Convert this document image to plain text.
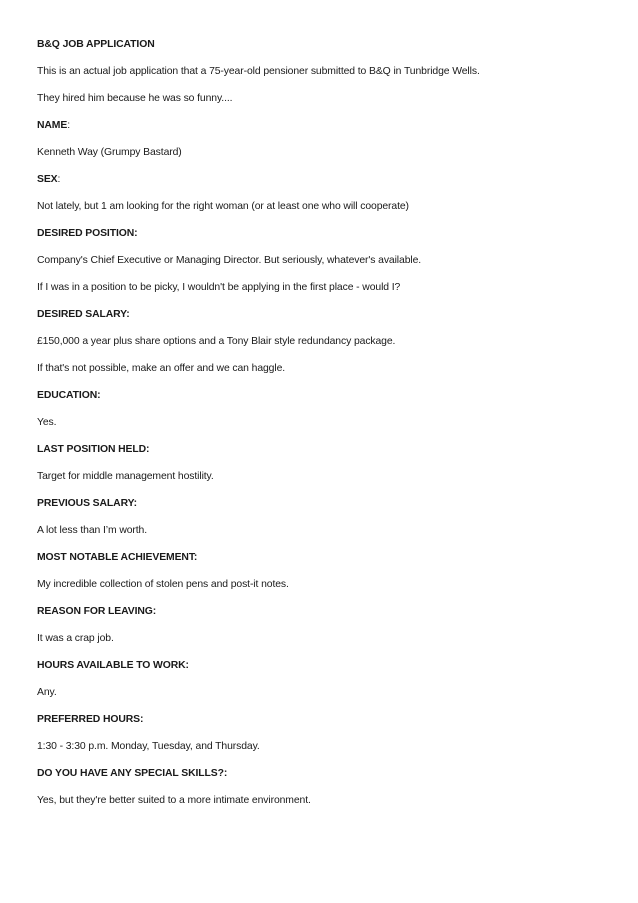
B&Q JOB APPLICATION
This is an actual job application that a 75-year-old pensioner submitted to B&Q in Tunbridge Wells.
They hired him because he was so funny....
NAME:
Kenneth Way (Grumpy Bastard)
SEX:
Not lately, but 1 am looking for the right woman (or at least one who will cooperate)
DESIRED POSITION:
Company's Chief Executive or Managing Director. But seriously, whatever's available.
If I was in a position to be picky, I wouldn't be applying in the first place - would I?
DESIRED SALARY:
£150,000 a year plus share options and a Tony Blair style redundancy package.
If that's not possible, make an offer and we can haggle.
EDUCATION:
Yes.
LAST POSITION HELD:
Target for middle management hostility.
PREVIOUS SALARY:
A lot less than I’m worth.
MOST NOTABLE ACHIEVEMENT:
My incredible collection of stolen pens and post-it notes.
REASON FOR LEAVING:
It was a crap job.
HOURS AVAILABLE TO WORK:
Any.
PREFERRED HOURS:
1:30 - 3:30 p.m. Monday, Tuesday, and Thursday.
DO YOU HAVE ANY SPECIAL SKILLS?:
Yes, but they're better suited to a more intimate environment.
